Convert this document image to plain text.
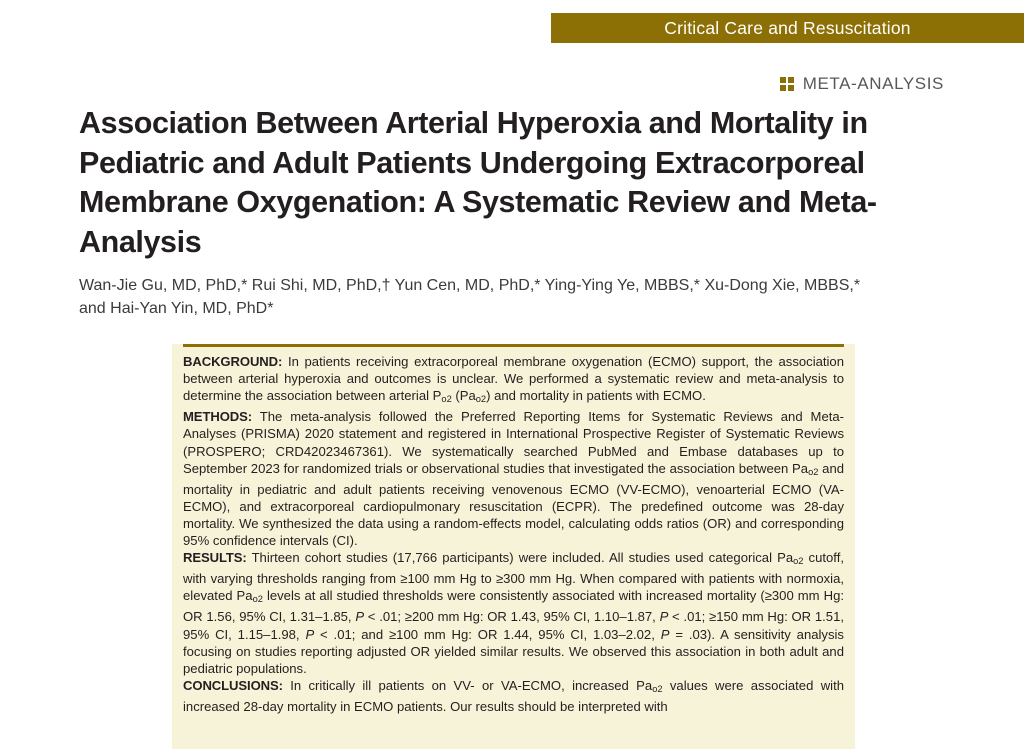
Critical Care and Resuscitation
META-ANALYSIS
Association Between Arterial Hyperoxia and Mortality in Pediatric and Adult Patients Undergoing Extracorporeal Membrane Oxygenation: A Systematic Review and Meta-Analysis

Wan-Jie Gu, MD, PhD,* Rui Shi, MD, PhD,† Yun Cen, MD, PhD,* Ying-Ying Ye, MBBS,* Xu-Dong Xie, MBBS,* and Hai-Yan Yin, MD, PhD*

BACKGROUND: In patients receiving extracorporeal membrane oxygenation (ECMO) support, the association between arterial hyperoxia and outcomes is unclear. We performed a systematic review and meta-analysis to determine the association between arterial $Po_2$ (Pao$_2$) and mortality in patients with ECMO.

METHODS: The meta-analysis followed the Preferred Reporting Items for Systematic Reviews and Meta-Analyses (PRISMA) 2020 statement and registered in International Prospective Register of Systematic Reviews (PROSPERO; CRD42023467361). We systematically searched PubMed and Embase databases up to September 2023 for randomized trials or observational studies that investigated the association between Pao$_2$ and mortality in pediatric and adult patients receiving venovenous ECMO (VV-ECMO), venoarterial ECMO (VA-ECMO), and extracorporeal cardiopulmonary resuscitation (ECPR). The predefined outcome was 28-day mortality. We synthesized the data using a random-effects model, calculating odds ratios (OR) and corresponding 95% confidence intervals (CI).

RESULTS: Thirteen cohort studies (17,766 participants) were included. All studies used categorical Pao$_2$ cutoff, with varying thresholds ranging from ≥100 mm Hg to ≥300 mm Hg. When compared with patients with normoxia, elevated Pao$_2$ levels at all studied thresholds were consistently associated with increased mortality (≥300 mm Hg: OR 1.56, 95% CI, 1.31–1.85, P < .01; ≥200 mm Hg: OR 1.43, 95% CI, 1.10–1.87, P < .01; ≥150 mm Hg: OR 1.51, 95% CI, 1.15–1.98, P < .01; and ≥100 mm Hg: OR 1.44, 95% CI, 1.03–2.02, P = .03). A sensitivity analysis focusing on studies reporting adjusted OR yielded similar results. We observed this association in both adult and pediatric populations.

CONCLUSIONS: In critically ill patients on VV- or VA-ECMO, increased Pao$_2$ values were associated with increased 28-day mortality in ECMO patients. Our results should be interpreted with
